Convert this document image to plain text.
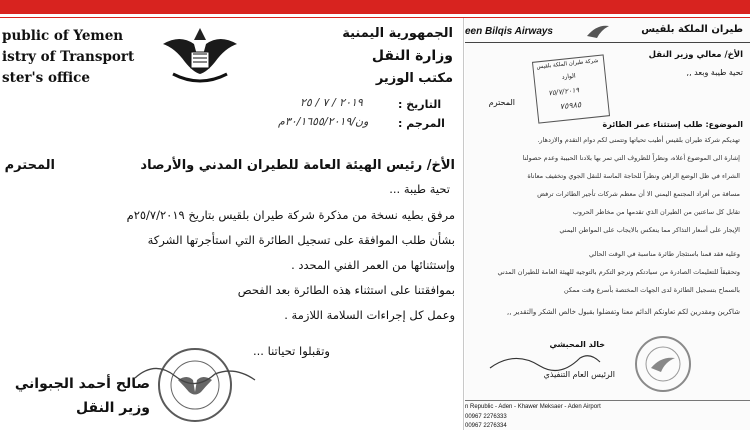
public of Yemen
istry of Transport
ster's office
الجمهورية اليمنية
وزارة النقل
مكتب الوزير
التاريخ :
٢٠١٩ / ٧ / ٢٥
المرجم :
ون/٣٠/١٦٥٥/٢٠١٩م
الأخ/ رئيس الهيئة العامة للطيران المدني والأرصاد
المحترم
تحية طيبة ...
مرفق بطيه نسخة من مذكرة شركة طيران بلقيس بتاريخ ٢٥/٧/٢٠١٩م
بشأن طلب الموافقة على تسجيل الطائرة التي استأجرتها الشركة
وإستثنائها من العمر الفني المحدد .
بموافقتنا على استثناء هذه الطائرة بعد الفحص
وعمل كل إجراءات السلامة اللازمة .
وتقبلوا تحياتنا ...
صالح أحمد الجبواني
وزير النقل
een Bilqis Airways	طيران الملكة بلقيس
الأخ/ معالي وزير النقل
المحترم
تحية طيبة وبعد ,,
شركة طيران الملكة بلقيس
الوارد
٧٥/٧/٢٠١٩
٧٥٩٨٥
الموضوع: طلب إستثناء عمر الطائرة
تهديكم شركة طيران بلقيس أطيب تحياتها وتتمنى لكم دوام التقدم والازدهار.
إشارة الى الموضوع أعلاه، ونظراً للظروف التي تمر بها بلادنا الحبيبة وعدم حصولنا
الشراء في ظل الوضع الراهن ونظراً للحاجة الماسة للنقل الجوي وتخفيف معاناة
مسافة من أفراد المجتمع اليمني الا أن معظم شركات تأجير الطائرات ترفض
تقابل كل ساعتين من الطيران الذي تقدمها من مخاطر الحروب
الإيجار على أسعار التذاكر مما ينعكس بالايجاب على المواطن اليمني
وعليه فقد قمنا باستئجار طائرة مناسبة في الوقت الحالي
وتحقيقاً للتعليمات الصادرة من سيادتكم ونرجو التكرم بالتوجيه للهيئة العامة للطيران المدني
بالسماح بتسجيل الطائرة لدى الجهات المختصة بأسرع وقت ممكن
شاكرين ومقدرين لكم تعاونكم الدائم معنا وتفضلوا بقبول خالص الشكر والتقدير ,,
خالد المحبشي
الرئيس العام التنفيذي
n Republic - Aden - Khawer Meksaer - Aden Airport
00967 2276333
00967 2276334
